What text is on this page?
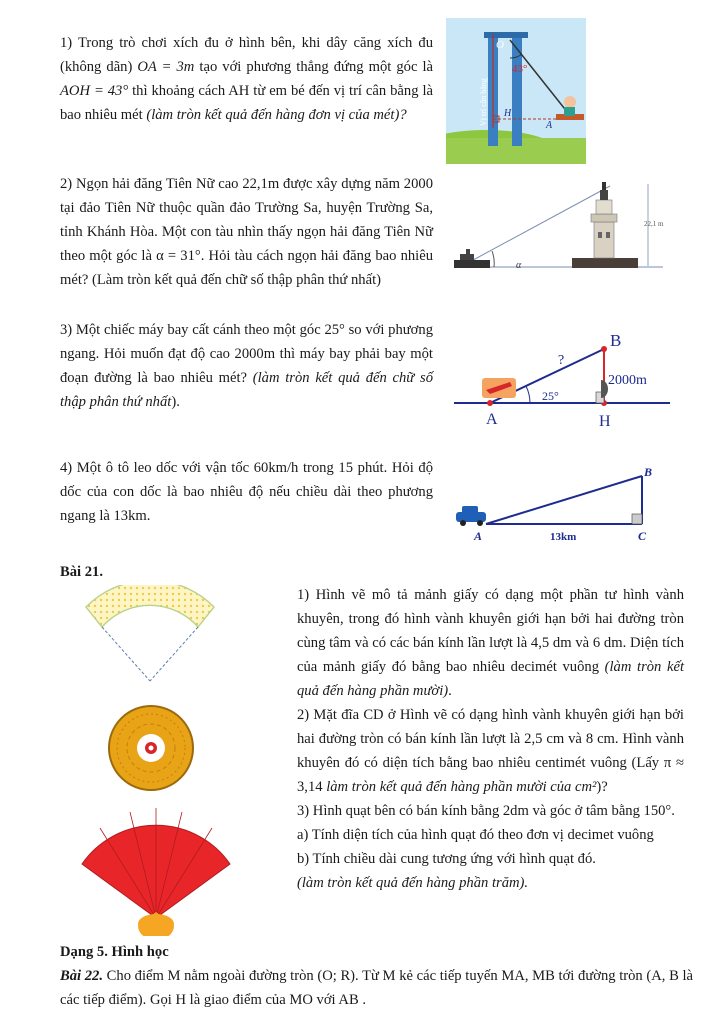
1) Trong trò chơi xích đu ở hình bên, khi dây căng xích đu (không dãn) OA = 3m tạo với phương thẳng đứng một góc là AOH = 43° thì khoảng cách AH từ em bé đến vị trí cân bằng là bao nhiêu mét (làm tròn kết quả đến hàng đơn vị của mét)?

O
43°
H
A
Vị trí cân bằng

2) Ngọn hải đăng Tiên Nữ cao 22,1m được xây dựng năm 2000 tại đảo Tiên Nữ thuộc quần đảo Trường Sa, huyện Trường Sa, tỉnh Khánh Hòa. Một con tàu nhìn thấy ngọn hải đăng Tiên Nữ theo một góc là α = 31°. Hỏi tàu cách ngọn hải đăng bao nhiêu mét? (Làm tròn kết quả đến chữ số thập phân thứ nhất)

α
22,1 m

3) Một chiếc máy bay cất cánh theo một góc 25° so với phương ngang. Hỏi muốn đạt độ cao 2000m thì máy bay phải bay một đoạn đường là bao nhiêu mét? (làm tròn kết quả đến chữ số thập phân thứ nhất).

?
B
2000m
25°
A	H

4) Một ô tô leo dốc với vận tốc 60km/h trong 15 phút. Hỏi độ dốc của con dốc là bao nhiêu độ nếu chiều dài theo phương ngang là 13km.

B
A	C
13km
Bài 21.

1) Hình vẽ mô tả mảnh giấy có dạng một phần tư hình vành khuyên, trong đó hình vành khuyên giới hạn bởi hai đường tròn cùng tâm và có các bán kính lần lượt là 4,5 dm và 6 dm. Diện tích của mảnh giấy đó bằng bao nhiêu decimét vuông (làm tròn kết quả đến hàng phần mười).

2) Mặt đĩa CD ở Hình vẽ có dạng hình vành khuyên giới hạn bởi hai đường tròn có bán kính lần lượt là 2,5 cm và 8 cm. Hình vành khuyên đó có diện tích bằng bao nhiêu centimét vuông (Lấy π ≈ 3,14 làm tròn kết quả đến hàng phần mười của cm²)?

3) Hình quạt bên có bán kính bằng 2dm và góc ở tâm bằng 150°.

a) Tính diện tích của hình quạt đó theo đơn vị decimet vuông

b) Tính chiều dài cung tương ứng với hình quạt đó.

(làm tròn kết quả đến hàng phần trăm).

Dạng 5. Hình học

Bài 22. Cho điểm M nằm ngoài đường tròn (O; R). Từ M kẻ các tiếp tuyến MA, MB tới đường tròn (A, B là các tiếp điểm). Gọi H là giao điểm của MO với AB .
